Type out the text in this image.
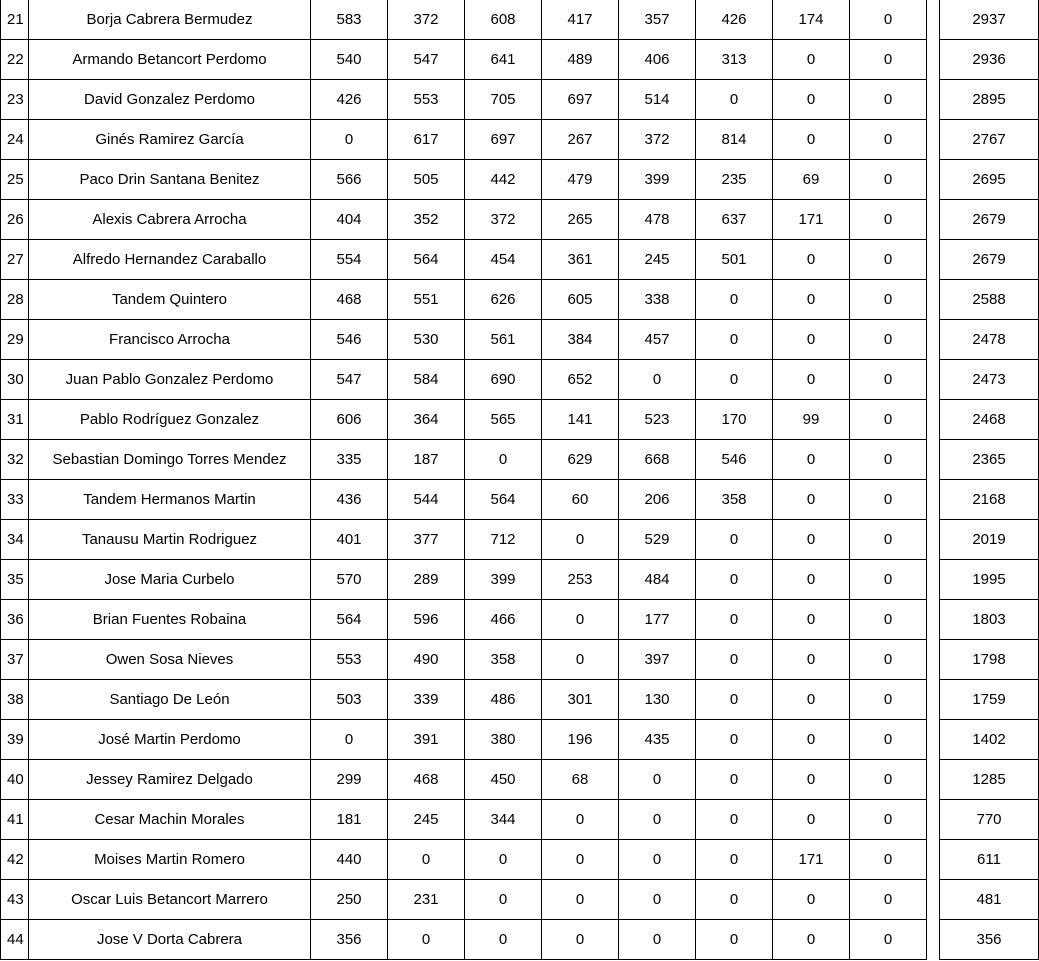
21	Borja Cabrera Bermudez	583	372	608	417	357	426	174	0		2937
22	Armando Betancort Perdomo	540	547	641	489	406	313	0	0		2936
23	David Gonzalez Perdomo	426	553	705	697	514	0	0	0		2895
24	Ginés Ramirez García	0	617	697	267	372	814	0	0		2767
25	Paco Drin Santana Benitez	566	505	442	479	399	235	69	0		2695
26	Alexis Cabrera Arrocha	404	352	372	265	478	637	171	0		2679
27	Alfredo Hernandez Caraballo	554	564	454	361	245	501	0	0		2679
28	Tandem Quintero	468	551	626	605	338	0	0	0		2588
29	Francisco Arrocha	546	530	561	384	457	0	0	0		2478
30	Juan Pablo Gonzalez Perdomo	547	584	690	652	0	0	0	0		2473
31	Pablo Rodríguez Gonzalez	606	364	565	141	523	170	99	0		2468
32	Sebastian Domingo Torres Mendez	335	187	0	629	668	546	0	0		2365
33	Tandem Hermanos Martin	436	544	564	60	206	358	0	0		2168
34	Tanausu Martin Rodriguez	401	377	712	0	529	0	0	0		2019
35	Jose Maria Curbelo	570	289	399	253	484	0	0	0		1995
36	Brian Fuentes Robaina	564	596	466	0	177	0	0	0		1803
37	Owen Sosa Nieves	553	490	358	0	397	0	0	0		1798
38	Santiago De León	503	339	486	301	130	0	0	0		1759
39	José Martin Perdomo	0	391	380	196	435	0	0	0		1402
40	Jessey Ramirez Delgado	299	468	450	68	0	0	0	0		1285
41	Cesar Machin Morales	181	245	344	0	0	0	0	0		770
42	Moises Martin Romero	440	0	0	0	0	0	171	0		611
43	Oscar Luis Betancort Marrero	250	231	0	0	0	0	0	0		481
44	Jose V Dorta Cabrera	356	0	0	0	0	0	0	0		356
